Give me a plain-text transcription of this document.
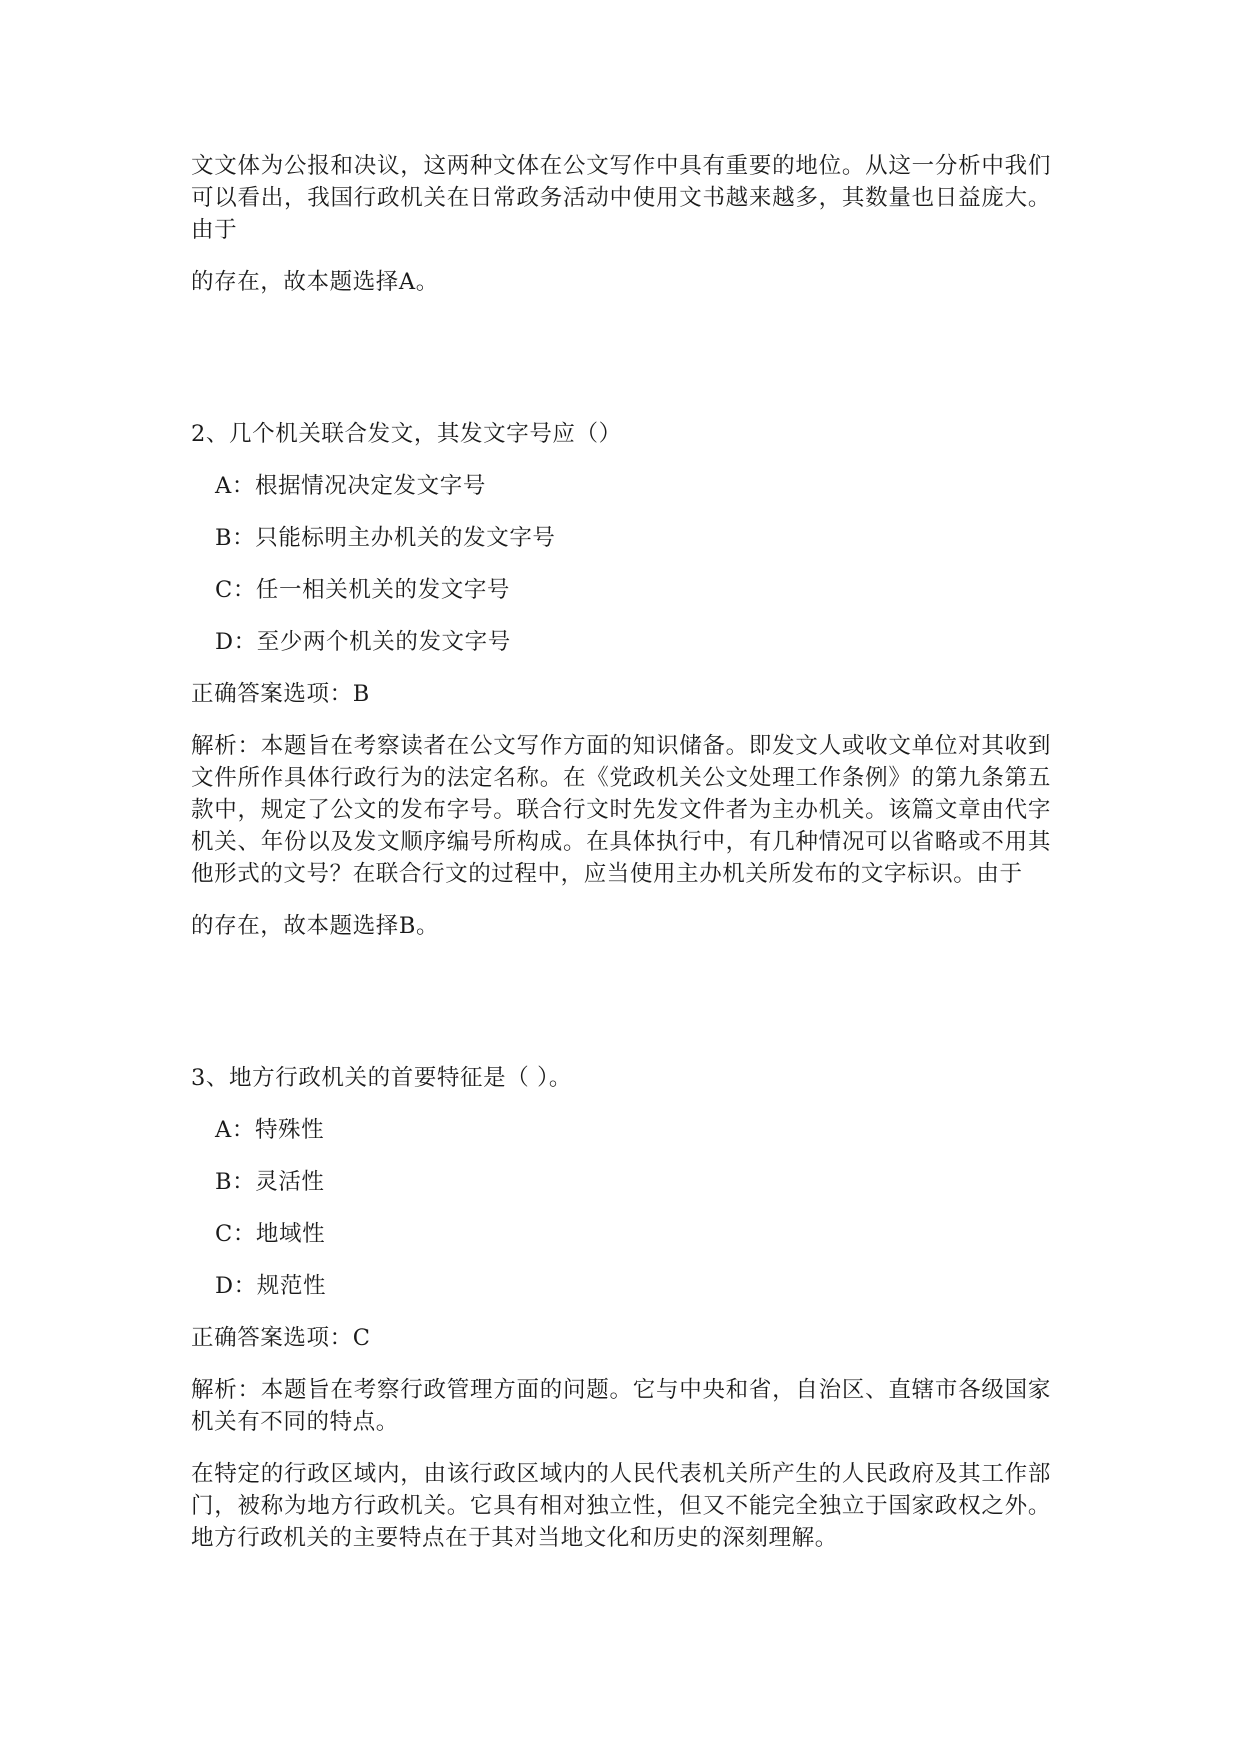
文文体为公报和决议，这两种文体在公文写作中具有重要的地位。从这一分析中我们可以看出，我国行政机关在日常政务活动中使用文书越来越多，其数量也日益庞大。由于

的存在，故本题选择A。

2、几个机关联合发文，其发文字号应（）

A：根据情况决定发文字号

B：只能标明主办机关的发文字号

C：任一相关机关的发文字号

D：至少两个机关的发文字号

正确答案选项：B

解析：本题旨在考察读者在公文写作方面的知识储备。即发文人或收文单位对其收到文件所作具体行政行为的法定名称。在《党政机关公文处理工作条例》的第九条第五款中，规定了公文的发布字号。联合行文时先发文件者为主办机关。该篇文章由代字机关、年份以及发文顺序编号所构成。在具体执行中，有几种情况可以省略或不用其他形式的文号？在联合行文的过程中，应当使用主办机关所发布的文字标识。由于

的存在，故本题选择B。

3、地方行政机关的首要特征是（ ）。

A：特殊性

B：灵活性

C：地域性

D：规范性

正确答案选项：C

解析：本题旨在考察行政管理方面的问题。它与中央和省，自治区、直辖市各级国家机关有不同的特点。

在特定的行政区域内，由该行政区域内的人民代表机关所产生的人民政府及其工作部门，被称为地方行政机关。它具有相对独立性，但又不能完全独立于国家政权之外。地方行政机关的主要特点在于其对当地文化和历史的深刻理解。
